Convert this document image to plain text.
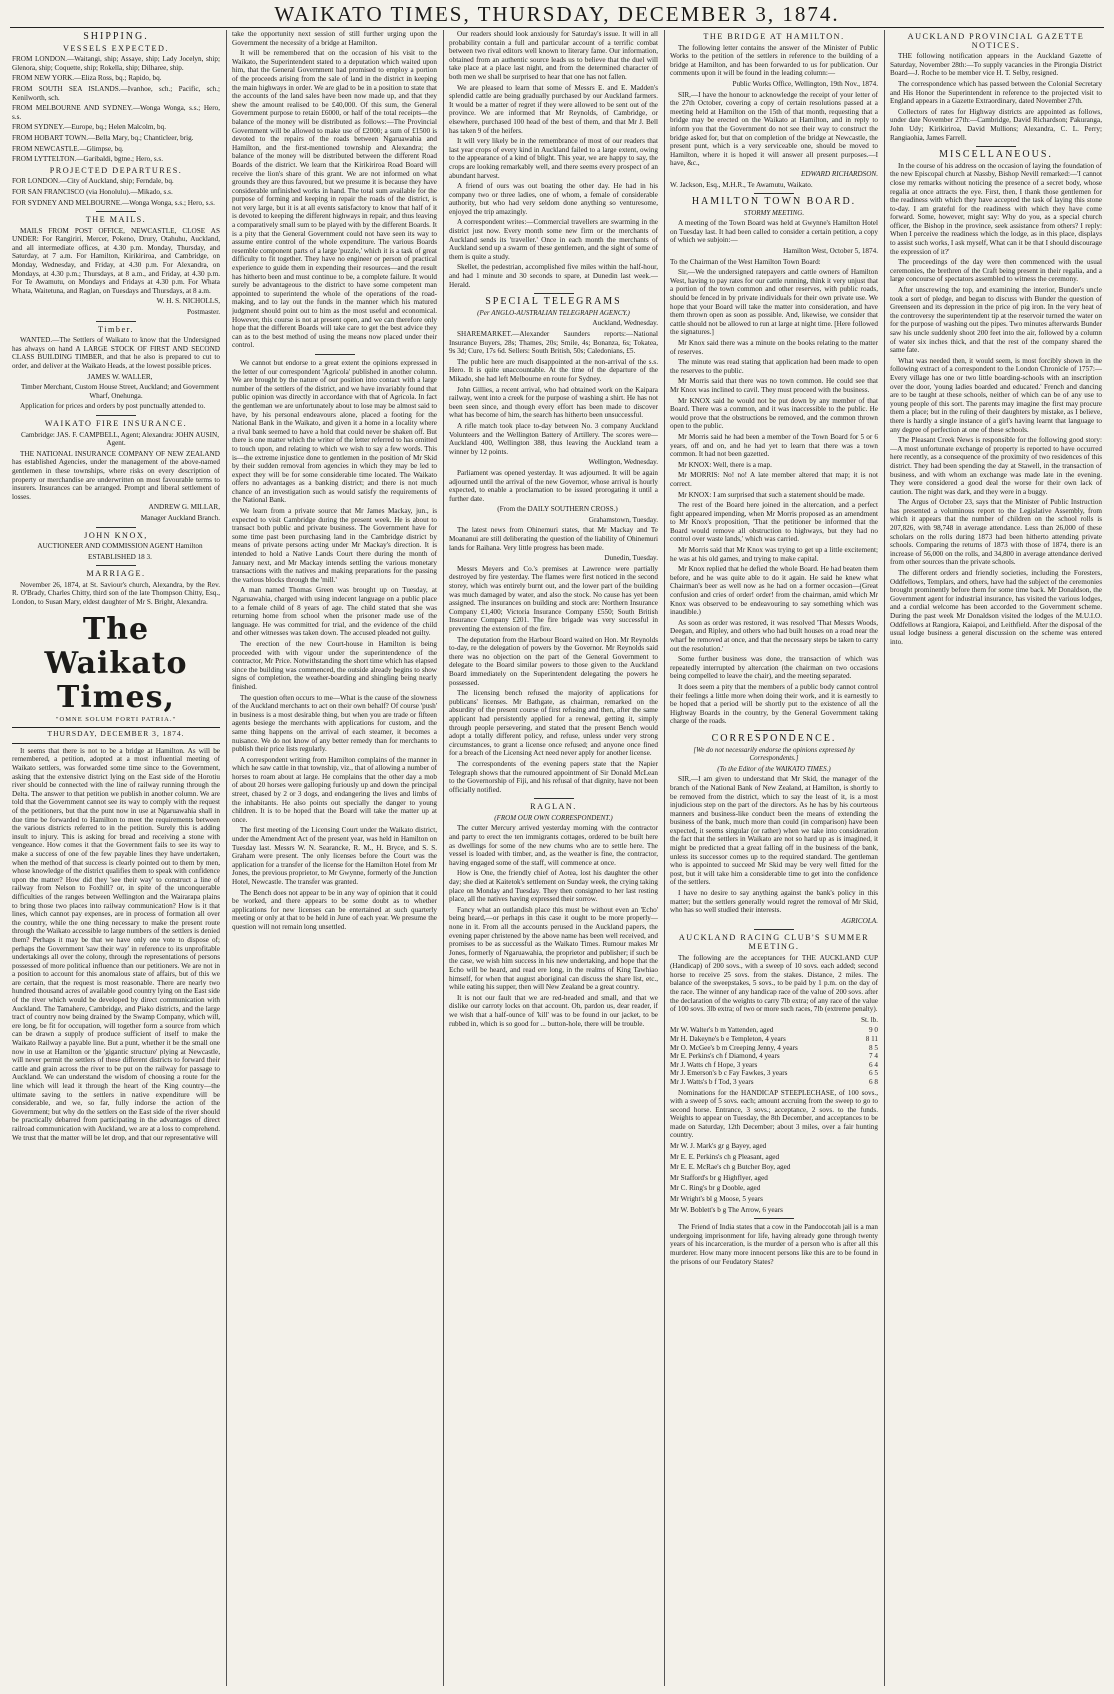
WAIKATO TIMES, THURSDAY, DECEMBER 3, 1874.
SHIPPING.
VESSELS EXPECTED.

FROM LONDON.—Waitangi, ship; Assaye, ship; Lady Jocelyn, ship; Glenora, ship; Coquette, ship; Rokella, ship; Dilharee, ship.

FROM NEW YORK.—Eliza Ross, bq.; Rapido, bq.

FROM SOUTH SEA ISLANDS.—Ivanhoe, sch.; Pacific, sch.; Kenilworth, sch.

FROM MELBOURNE AND SYDNEY.—Wonga Wonga, s.s.; Hero, s.s.

FROM SYDNEY.—Europe, bq.; Helen Malcolm, bq.

FROM HOBART TOWN.—Bella Mary, bq.; Chanticleer, brig.

FROM NEWCASTLE.—Glimpse, bq.

FROM LYTTELTON.—Garibaldi, bgtne.; Hero, s.s.

PROJECTED DEPARTURES.

FOR LONDON.—City of Auckland, ship; Ferndale, bq.

FOR SAN FRANCISCO (via Honolulu).—Mikado, s.s.

FOR SYDNEY AND MELBOURNE.—Wonga Wonga, s.s.; Hero, s.s.

THE MAILS.

MAILS FROM POST OFFICE, NEWCASTLE, CLOSE AS UNDER: For Rangiriri, Mercer, Pokeno, Drury, Otahuhu, Auckland, and all intermediate offices, at 4.30 p.m. Monday, Thursday, and Saturday, at 7 a.m. For Hamilton, Kirikiriroa, and Cambridge, on Monday, Wednesday, and Friday, at 4.30 p.m. For Alexandra, on Mondays, at 4.30 p.m.; Thursdays, at 8 a.m., and Friday, at 4.30 p.m. For Te Awamutu, on Mondays and Fridays at 4.30 p.m. For Whata Whata, Waitetuna, and Raglan, on Tuesdays and Thursdays, at 8 a.m.

W. H. S. NICHOLLS,

Postmaster.

Timber.

WANTED.—The Settlers of Waikato to know that the Undersigned has always on hand A LARGE STOCK OF FIRST AND SECOND CLASS BUILDING TIMBER, and that he also is prepared to cut to order, and deliver at the Waikato Heads, at the lowest possible prices.

JAMES W. WALLER,

Timber Merchant, Custom House Street, Auckland; and Government Wharf, Onehunga.

Application for prices and orders by post punctually attended to.

WAIKATO FIRE INSURANCE.

Cambridge: JAS. F. CAMPBELL, Agent; Alexandra: JOHN AUSIN, Agent.

THE NATIONAL INSURANCE COMPANY OF NEW ZEALAND has established Agencies, under the management of the above-named gentlemen in these townships, where risks on every description of property or merchandise are underwritten on most favourable terms to insurers. Insurances can be arranged. Prompt and liberal settlement of losses.

ANDREW G. MILLAR,

Manager Auckland Branch.

JOHN KNOX,

AUCTIONEER AND COMMISSION AGENT Hamilton

ESTABLISHED 18 3.

MARRIAGE.

November 26, 1874, at St. Saviour's church, Alexandra, by the Rev. R. O'Brady, Charles Chitty, third son of the late Thompson Chitty, Esq., London, to Susan Mary, eldest daughter of Mr S. Bright, Alexandra.

The Waikato Times,
"OMNE SOLUM FORTI PATRIA."
THURSDAY, DECEMBER 3, 1874.

It seems that there is not to be a bridge at Hamilton. As will be remembered, a petition, adopted at a most influential meeting of Waikato settlers, was forwarded some time since to the Government, asking that the extensive district lying on the East side of the Horotiu river should be connected with the line of railway running through the Delta. The answer to that petition we publish in another column. We are told that the Government cannot see its way to comply with the request of the petitioners, but that the punt now in use at Ngaruawahia shall in due time be forwarded to Hamilton to meet the requirements between the various districts referred to in the petition. Surely this is adding insult to injury. This is asking for bread and receiving a stone with vengeance. How comes it that the Government fails to see its way to make a success of one of the few payable lines they have undertaken, when the method of that success is clearly pointed out to them by men, whose knowledge of the district qualifies them to speak with confidence upon the matter? How did they 'see their way' to construct a line of railway from Nelson to Foxhill? or, in spite of the unconquerable difficulties of the ranges between Wellington and the Wairarapa plains to bring those two places into railway communication? How is it that lines, which cannot pay expenses, are in process of formation all over the country, while the one thing necessary to make the present route through the Waikato accessible to large numbers of the settlers is denied them? Perhaps it may be that we have only one vote to dispose of; perhaps the Government 'saw their way' in reference to its unprofitable undertakings all over the colony, through the representations of persons possessed of more political influence than our petitioners. We are not in a position to account for this anomalous state of affairs, but of this we are certain, that the request is most reasonable. There are nearly two hundred thousand acres of available good country lying on the East side of the river which would be developed by direct communication with Auckland. The Tamahere, Cambridge, and Piako districts, and the large tract of country now being drained by the Swamp Company, which will, ere long, be fit for occupation, will together form a source from which can be drawn a supply of produce sufficient of itself to make the Waikato Railway a payable line. But a punt, whether it be the small one now in use at Hamilton or the 'gigantic structure' plying at Newcastle, will never permit the settlers of these different districts to forward their cattle and grain across the river to be put on the railway for passage to Auckland. We can understand the wisdom of choosing a route for the line which will lead it through the heart of the King country—the ultimate saving to the settlers in native expenditure will be considerable, and we, so far, fully indorse the action of the Government; but why do the settlers on the East side of the river should be practically debarred from participating in the advantages of direct railroad communication with Auckland, we are at a loss to comprehend. We trust that the matter will be let drop, and that our representative will

take the opportunity next session of still further urging upon the Government the necessity of a bridge at Hamilton.

It will be remembered that on the occasion of his visit to the Waikato, the Superintendent stated to a deputation which waited upon him, that the General Government had promised to employ a portion of the proceeds arising from the sale of land in the district in keeping the main highways in order. We are glad to be in a position to state that the accounts of the land sales have been now made up, and that they shew the amount realised to be £40,000. Of this sum, the General Government purpose to retain £6000, or half of the total receipts—the balance of the money will be distributed as follows:—The Provincial Government will be allowed to make use of £2000; a sum of £1500 is devoted to the repairs of the roads between Ngaruawahia and Hamilton, and the first-mentioned township and Alexandra; the balance of the money will be distributed between the different Road Boards of the district. We learn that the Kirikiriroa Road Board will receive the lion's share of this grant. We are not informed on what grounds they are thus favoured, but we presume it is because they have considerable unfinished works in hand. The total sum available for the purpose of forming and keeping in repair the roads of the district, is not very large, but it is at all events satisfactory to know that half of it is devoted to keeping the different highways in repair, and thus leaving a comparatively small sum to be played with by the different Boards. It is a pity that the General Government could not have seen its way to assume entire control of the whole expenditure. The various Boards resemble component parts of a large 'puzzle,' which it is a task of great difficulty to fit together. They have no engineer or person of practical experience to guide them in expending their resources—and the result has hitherto been and must continue to be, a complete failure. It would surely be advantageous to the district to have some competent man appointed to superintend the whole of the operations of the road-making, and to lay out the funds in the manner which his matured judgment should point out to him as the most useful and economical. However, this course is not at present open, and we can therefore only hope that the different Boards will take care to get the best advice they can as to the best method of using the means now placed under their control.

We cannot but endorse to a great extent the opinions expressed in the letter of our correspondent 'Agricola' published in another column. We are brought by the nature of our position into contact with a large number of the settlers of the district, and we have invariably found that public opinion was directly in accordance with that of Agricola. In fact the gentleman we are unfortunately about to lose may be almost said to have, by his personal endeavours alone, placed a footing for the National Bank in the Waikato, and given it a home in a locality where a rival bank seemed to have a hold that could never be shaken off. But there is one matter which the writer of the letter referred to has omitted to touch upon, and relating to which we wish to say a few words. This is—the extreme injustice done to gentlemen in the position of Mr Skid by their sudden removal from agencies in which they may be led to expect they will be for some considerable time located. The Waikato offers no advantages as a banking district; and there is not much chance of an investigation such as would satisfy the requirements of the National Bank.

We learn from a private source that Mr James Mackay, jun., is expected to visit Cambridge during the present week. He is about to transact both public and private business. The Government have for some time past been purchasing land in the Cambridge district by means of private persons acting under Mr Mackay's direction. It is intended to hold a Native Lands Court there during the month of January next, and Mr Mackay intends settling the various monetary transactions with the natives and making preparations for the passing the various blocks through the 'mill.'

A man named Thomas Green was brought up on Tuesday, at Ngaruawahia, charged with using indecent language on a public place to a female child of 8 years of age. The child stated that she was returning home from school when the prisoner made use of the language. He was committed for trial, and the evidence of the child and other witnesses was taken down. The accused pleaded not guilty.

The erection of the new Court-house in Hamilton is being proceeded with with vigour under the superintendence of the contractor, Mr Price. Notwithstanding the short time which has elapsed since the building was commenced, the outside already begins to show signs of completion, the weather-boarding and shingling being nearly finished.

The question often occurs to me—What is the cause of the slowness of the Auckland merchants to act on their own behalf? Of course 'push' in business is a most desirable thing, but when you are trade or fifteen agents besiege the merchants with applications for custom, and the same thing happens on the arrival of each steamer, it becomes a nuisance. We do not know of any better remedy than for merchants to publish their price lists regularly.

A correspondent writing from Hamilton complains of the manner in which he saw cattle in that township, viz., that of allowing a number of horses to roam about at large. He complains that the other day a mob of about 20 horses were galloping furiously up and down the principal street, chased by 2 or 3 dogs, and endangering the lives and limbs of the inhabitants. He also points out specially the danger to young children. It is to be hoped that the Board will take the matter up at once.

The first meeting of the Licensing Court under the Waikato district, under the Amendment Act of the present year, was held in Hamilton on Tuesday last. Messrs W. N. Searancke, R. M., H. Bryce, and S. S. Graham were present. The only licenses before the Court was the application for a transfer of the license for the Hamilton Hotel from Mr Jones, the previous proprietor, to Mr Gwynne, formerly of the Junction Hotel, Newcastle. The transfer was granted.

The Bench does not appear to be in any way of opinion that it could be worked, and there appears to be some doubt as to whether applications for new licenses can be entertained at such quarterly meeting or only at that to be held in June of each year. We presume the question will not remain long unsettled.

Our readers should look anxiously for Saturday's issue. It will in all probability contain a full and particular account of a terrific combat between two rival editors well known to literary fame. Our information, obtained from an authentic source leads us to believe that the duel will take place at a place last night, and from the determined character of both men we shall be surprised to hear that one has not fallen.

We are pleased to learn that some of Messrs E. and E. Madden's splendid cattle are being gradually purchased by our Auckland farmers. It would be a matter of regret if they were allowed to be sent out of the province. We are informed that Mr Reynolds, of Cambridge, or elsewhere, purchased 100 head of the best of them, and that Mr J. Bell has taken 9 of the heifers.

It will very likely be in the remembrance of most of our readers that last year crops of every kind in Auckland failed to a large extent, owing to the appearance of a kind of blight. This year, we are happy to say, the crops are looking remarkably well, and there seems every prospect of an abundant harvest.

A friend of ours was out boating the other day. He had in his company two or three ladies, one of whom, a female of considerable authority, but who had very seldom done anything so venturesome, enjoyed the trip amazingly.

A correspondent writes:—Commercial travellers are swarming in the district just now. Every month some new firm or the merchants of Auckland sends its 'traveller.' Once in each month the merchants of Auckland send up a swarm of these gentlemen, and the sight of some of them is quite a study.

Skellet, the pedestrian, accomplished five miles within the half-hour, and had 1 minute and 30 seconds to spare, at Dunedin last week.—Herald.

SPECIAL TELEGRAMS
(Per ANGLO-AUSTRALIAN TELEGRAPH AGENCY.)

Auckland, Wednesday.

SHAREMARKET.—Alexander Saunders reports:—National Insurance Buyers, 28s; Thames, 20s; Smile, 4s; Bonanza, 6s; Tokatea, 9s 3d; Cure, 17s 6d. Sellers: South British, 50s; Caledonians, £5.

The public here are much disappointed at the non-arrival of the s.s. Hero. It is quite unaccountable. At the time of the departure of the Mikado, she had left Melbourne en route for Sydney.

John Gillies, a recent arrival, who had obtained work on the Kaipara railway, went into a creek for the purpose of washing a shirt. He has not been seen since, and though every effort has been made to discover what has become of him, the search has hitherto been unsuccessful.

A rifle match took place to-day between No. 3 company Auckland Volunteers and the Wellington Battery of Artillery. The scores were—Auckland 400, Wellington 388, thus leaving the Auckland team a winner by 12 points.

Wellington, Wednesday.

Parliament was opened yesterday. It was adjourned. It will be again adjourned until the arrival of the new Governor, whose arrival is hourly expected, to enable a proclamation to be issued prorogating it until a further date.

(From the DAILY SOUTHERN CROSS.)

Grahamstown, Tuesday.

The latest news from Ohinemuri states, that Mr Mackay and Te Moananui are still deliberating the question of the liability of Ohinemuri lands for Raihana. Very little progress has been made.

Dunedin, Tuesday.

Messrs Meyers and Co.'s premises at Lawrence were partially destroyed by fire yesterday. The flames were first noticed in the second storey, which was entirely burnt out, and the lower part of the building was much damaged by water, and also the stock. No cause has yet been assigned. The insurances on building and stock are: Northern Insurance Company £1,400; Victoria Insurance Company £550; South British Insurance Company £201. The fire brigade was very successful in preventing the extension of the fire.

The deputation from the Harbour Board waited on Hon. Mr Reynolds to-day, re the delegation of powers by the Governor. Mr Reynolds said there was no objection on the part of the General Government to delegate to the Board similar powers to those given to the Auckland Board immediately on the Superintendent delegating the powers he possessed.

The licensing bench refused the majority of applications for publicans' licenses. Mr Bathgate, as chairman, remarked on the absurdity of the present course of first refusing and then, after the same applicant had persistently applied for a renewal, getting it, simply through people persevering, and stated that the present Bench would adopt a totally different policy, and refuse, unless under very strong circumstances, to grant a license once refused; and anyone once fined for a breach of the Licensing Act need never apply for another license.

The correspondents of the evening papers state that the Napier Telegraph shows that the rumoured appointment of Sir Donald McLean to the Governorship of Fiji, and his refusal of that dignity, have not been officially notified.

RAGLAN.
(FROM OUR OWN CORRESPONDENT.)

The cutter Mercury arrived yesterday morning with the contractor and party to erect the ten immigrants cottages, ordered to be built here as dwellings for some of the new chums who are to settle here. The vessel is loaded with timber, and, as the weather is fine, the contractor, having engaged some of the staff, will commence at once.

How is One, the friendly chief of Aotea, lost his daughter the other day; she died at Kaitetok's settlement on Sunday week, the crying taking place on Monday and Tuesday. They then consigned to her last resting place, all the natives having expressed their sorrow.

Fancy what an outlandish place this must be without even an 'Echo' being heard,—or perhaps in this case it ought to be more properly—none in it. From all the accounts perused in the Auckland papers, the evening paper christened by the above name has been well received, and promises to be as successful as the Waikato Times. Rumour makes Mr Jones, formerly of Ngaruawahia, the proprietor and publisher; if such be the case, we wish him success in his new undertaking, and hope that the Echo will be heard, and read ere long, in the realms of King Tawhiao himself, for when that august aboriginal can discuss the share list, etc., while eating his supper, then will New Zealand be a great country.

It is not our fault that we are red-headed and small, and that we dislike our carroty locks on that account. Oh, pardon us, dear reader, if we wish that a half-ounce of 'kill' was to be found in our jacket, to be rubbed in, which is so good for ... button-hole, there will be trouble.

THE BRIDGE AT HAMILTON.

The following letter contains the answer of the Minister of Public Works to the petition of the settlers in reference to the building of a bridge at Hamilton, and has been forwarded to us for publication. Our comments upon it will be found in the leading column:—

Public Works Office, Wellington, 19th Nov., 1874.

SIR,—I have the honour to acknowledge the receipt of your letter of the 27th October, covering a copy of certain resolutions passed at a meeting held at Hamilton on the 15th of that month, requesting that a bridge may be erected on the Waikato at Hamilton, and in reply to inform you that the Government do not see their way to construct the bridge asked for, but that on completion of the bridge at Newcastle, the present punt, which is a very serviceable one, should be moved to Hamilton, where it is hoped it will answer all present purposes.—I have, &c.,

EDWARD RICHARDSON.

W. Jackson, Esq., M.H.R., Te Awamutu, Waikato.

HAMILTON TOWN BOARD.
STORMY MEETING.

A meeting of the Town Board was held at Gwynne's Hamilton Hotel on Tuesday last. It had been called to consider a certain petition, a copy of which we subjoin:—

Hamilton West, October 5, 1874.

To the Chairman of the West Hamilton Town Board:

Sir,—We the undersigned ratepayers and cattle owners of Hamilton West, having to pay rates for our cattle running, think it very unjust that a portion of the town common and other reserves, with public roads, should be fenced in by private individuals for their own private use. We hope that your Board will take the matter into consideration, and have them thrown open as soon as possible. And, likewise, we consider that cattle should not be allowed to run at large at night time. [Here followed the signatures.]

Mr Knox said there was a minute on the books relating to the matter of reserves.

The minute was read stating that application had been made to open the reserves to the public.

Mr Morris said that there was no town common. He could see that Mr Knox was inclined to cavil. They must proceed with the business.

Mr KNOX said he would not be put down by any member of that Board. There was a common, and it was inaccessible to the public. He would prove that the obstructions be removed, and the common thrown open to the public.

Mr Morris said he had been a member of the Town Board for 5 or 6 years, off and on, and he had yet to learn that there was a town common. It had not been gazetted.

Mr KNOX: Well, there is a map.

Mr MORRIS: No! no! A late member altered that map; it is not correct.

Mr KNOX: I am surprised that such a statement should be made.

The rest of the Board here joined in the altercation, and a perfect fight appeared impending, when Mr Morris proposed as an amendment to Mr Knox's proposition, 'That the petitioner be informed that the Board would remove all obstruction to highways, but they had no control over waste lands,' which was carried.

Mr Morris said that Mr Knox was trying to get up a little excitement; he was at his old games, and trying to make capital.

Mr Knox replied that he defied the whole Board. He had beaten them before, and he was quite able to do it again. He said he knew what Chairman's beer as well now as he had on a former occasion—(Great confusion and cries of order! order! from the chairman, amid which Mr Knox was observed to be endeavouring to say something which was inaudible.)

As soon as order was restored, it was resolved 'That Messrs Woods, Deegan, and Ripley, and others who had built houses on a road near the wharf be removed at once, and that the necessary steps be taken to carry out the resolution.'

Some further business was done, the transaction of which was repeatedly interrupted by altercation (the chairman on two occasions being compelled to leave the chair), and the meeting separated.

It does seem a pity that the members of a public body cannot control their feelings a little more when doing their work, and it is earnestly to be hoped that a period will be shortly put to the existence of all the Highway Boards in the country, by the General Government taking charge of the roads.

CORRESPONDENCE.
[We do not necessarily endorse the opinions expressed by Correspondents.]
(To the Editor of the WAIKATO TIMES.)

SIR,—I am given to understand that Mr Skid, the manager of the branch of the National Bank of New Zealand, at Hamilton, is shortly to be removed from the district, which to say the least of it, is a most injudicious step on the part of the directors. As he has by his courteous manners and business-like conduct been the means of extending the business of the bank, much more than could (in comparison) have been expected, it seems singular (or rather) when we take into consideration the fact that the settlers in Waikato are not so hard up as is imagined, it might be predicted that a great falling off in the business of the bank, unless its successor comes up to the required standard. The gentleman who is appointed to succeed Mr Skid may be very well fitted for the post, but it will take him a considerable time to get into the confidence of the settlers.

I have no desire to say anything against the bank's policy in this matter; but the settlers generally would regret the removal of Mr Skid, who has so well studied their interests.

AGRICOLA.

AUCKLAND RACING CLUB'S SUMMER MEETING.

The following are the acceptances for THE AUCKLAND CUP (Handicap) of 200 sovs., with a sweep of 10 sovs. each added; second horse to receive 25 sovs. from the stakes. Distance, 2 miles. The balance of the sweepstakes, 5 sovs., to be paid by 1 p.m. on the day of the race. The winner of any handicap race of the value of 200 sovs. after the declaration of the weights to carry 7lb extra; of any race of the value of 100 sovs. 3lb extra; of two or more such races, 7lb (extreme penalty).

St. lb.

Mr W. Walter's b m Yattenden, aged	9 0
Mr H. Dakeyne's b e Templeton, 4 years	8 11
Mr O. McGee's b m Creeping Jenny, 4 years	8 5
Mr E. Perkins's ch f Diamond, 4 years	7 4
Mr J. Watts ch f Hope, 3 years	6 4
Mr J. Emerson's b c Fay Fawkes, 3 years	6 5
Mr J. Watts's b f Tod, 3 years	6 8

Nominations for the HANDICAP STEEPLECHASE, of 100 sovs., with a sweep of 5 sovs. each; amount accruing from the sweep to go to second horse. Entrance, 3 sovs.; acceptance, 2 sovs. to the funds. Weights to appear on Tuesday, the 8th December, and acceptances to be made on Saturday, 12th December; about 3 miles, over a fair hunting country.

Mr W. J. Mark's gr g Bayey, aged

Mr E. E. Perkins's ch g Pleasant, aged

Mr E. E. McRae's ch g Butcher Boy, aged

Mr Stafford's br g Highflyer, aged

Mr C. Ring's br g Dooble, aged

Mr Wright's bl g Moose, 5 years

Mr W. Boblett's b g The Arrow, 6 years

The Friend of India states that a cow in the Pandoccotah jail is a man undergoing imprisonment for life, having already gone through twenty years of his incarceration, is the murder of a person who is after all this murderer. How many more innocent persons like this are to be found in the prisons of our Feudatory States?

AUCKLAND PROVINCIAL GAZETTE NOTICES.

THE following notification appears in the Auckland Gazette of Saturday, November 28th:—To supply vacancies in the Pirongia District Board—J. Roche to be member vice H. T. Selby, resigned.

The correspondence which has passed between the Colonial Secretary and His Honor the Superintendent in reference to the projected visit to England appears in a Gazette Extraordinary, dated November 27th.

Collectors of rates for Highway districts are appointed as follows, under date November 27th:—Cambridge, David Richardson; Pakuranga, John Udy; Kirikiriroa, David Mullions; Alexandra, C. L. Perry; Rangiaohia, James Farrell.

MISCELLANEOUS.

In the course of his address on the occasion of laying the foundation of the new Episcopal church at Nassby, Bishop Nevill remarked:—'I cannot close my remarks without noticing the presence of a secret body, whose regalia at once attracts the eye. First, then, I thank those gentlemen for the readiness with which they have accepted the task of laying this stone to-day. I am grateful for the readiness with which they have come forward. Some, however, might say: Why do you, as a special church officer, the Bishop in the province, seek assistance from others? I reply: When I perceive the readiness which the lodge, as in this place, displays to assist such works, I ask myself, What can it be that I should discourage the expression of it?'

The proceedings of the day were then commenced with the usual ceremonies, the brethren of the Craft being present in their regalia, and a large concourse of spectators assembled to witness the ceremony.

After unscrewing the top, and examining the interior, Bunder's uncle took a sort of pledge, and began to discuss with Bunder the question of Greenseen and its depression in the price of pig iron. In the very heat of the controversy the superintendent tip at the reservoir turned the water on for the purpose of washing out the pipes. Two minutes afterwards Bunder saw his uncle suddenly shoot 200 feet into the air, followed by a column of water six inches thick, and that the rest of the company shared the same fate.

What was needed then, it would seem, is most forcibly shown in the following extract of a correspondent to the London Chronicle of 1757:—Every village has one or two little boarding-schools with an inscription over the door, 'young ladies boarded and educated.' French and dancing are to be taught at these schools, neither of which can be of any use to young people of this sort. The parents may imagine the first may procure them a place; but in the ruling of their daughters by mistake, as I believe, there is hardly a single instance of a girl's having learnt that language to any degree of perfection at one of these schools.

The Pleasant Creek News is responsible for the following good story:—A most unfortunate exchange of property is reported to have occurred here recently, as a consequence of the proximity of two residences of this district. They had been spending the day at Stawell, in the transaction of business, and with whom an exchange was made late in the evening. They were considered a good deal the worse for their own lack of caution. The night was dark, and they were in a buggy.

The Argus of October 23, says that the Minister of Public Instruction has presented a voluminous report to the Legislative Assembly, from which it appears that the number of children on the school rolls is 207,826, with 98,748 in average attendance. Less than 26,000 of these scholars on the rolls during 1873 had been hitherto attending private schools. Comparing the returns of 1873 with those of 1874, there is an increase of 56,000 on the rolls, and 34,800 in average attendance derived from other sources than the private schools.

The different orders and friendly societies, including the Foresters, Oddfellows, Templars, and others, have had the subject of the ceremonies brought prominently before them for some time back. Mr Donaldson, the Government agent for industrial insurance, has visited the various lodges, and a cordial welcome has been accorded to the Government scheme. During the past week Mr Donaldson visited the lodges of the M.U.I.O. Oddfellows at Rangiora, Kaiapoi, and Leithfield. After the disposal of the usual lodge business a general discussion on the scheme was entered into.
